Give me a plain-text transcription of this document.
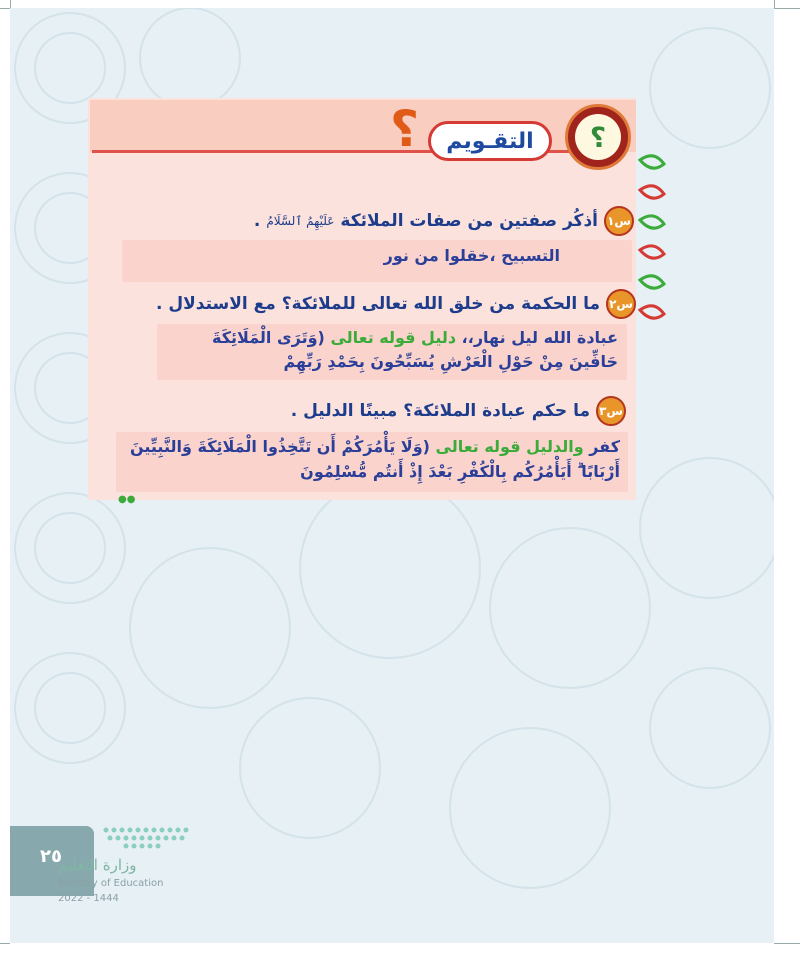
؟	التقـويم	؟
س١
أذكُر صفتين من صفات الملائكة
عَلَيْهِمُ ٱلسَّلَامُ
.
التسبيح ،خقلوا من نور
س٢
ما الحكمة من خلق الله تعالى للملائكة؟ مع الاستدلال .
عبادة الله ليل نهار،، دليل قوله تعالى (وَتَرَى الْمَلَائِكَةَ
حَافِّينَ مِنْ حَوْلِ الْعَرْشِ يُسَبِّحُونَ بِحَمْدِ رَبِّهِمْ
س٣
ما حكم عبادة الملائكة؟ مبينًا الدليل .
كفر والدليل قوله تعالى (وَلَا يَأْمُرَكُمْ أَن تَتَّخِذُوا الْمَلَائِكَةَ وَالنَّبِيِّينَ
أَرْبَابًا ۗ أَيَأْمُرُكُم بِالْكُفْرِ بَعْدَ إِذْ أَنتُم مُّسْلِمُونَ
●●
٢٥
وزارة التعليم
Ministry of Education
2022 - 1444
